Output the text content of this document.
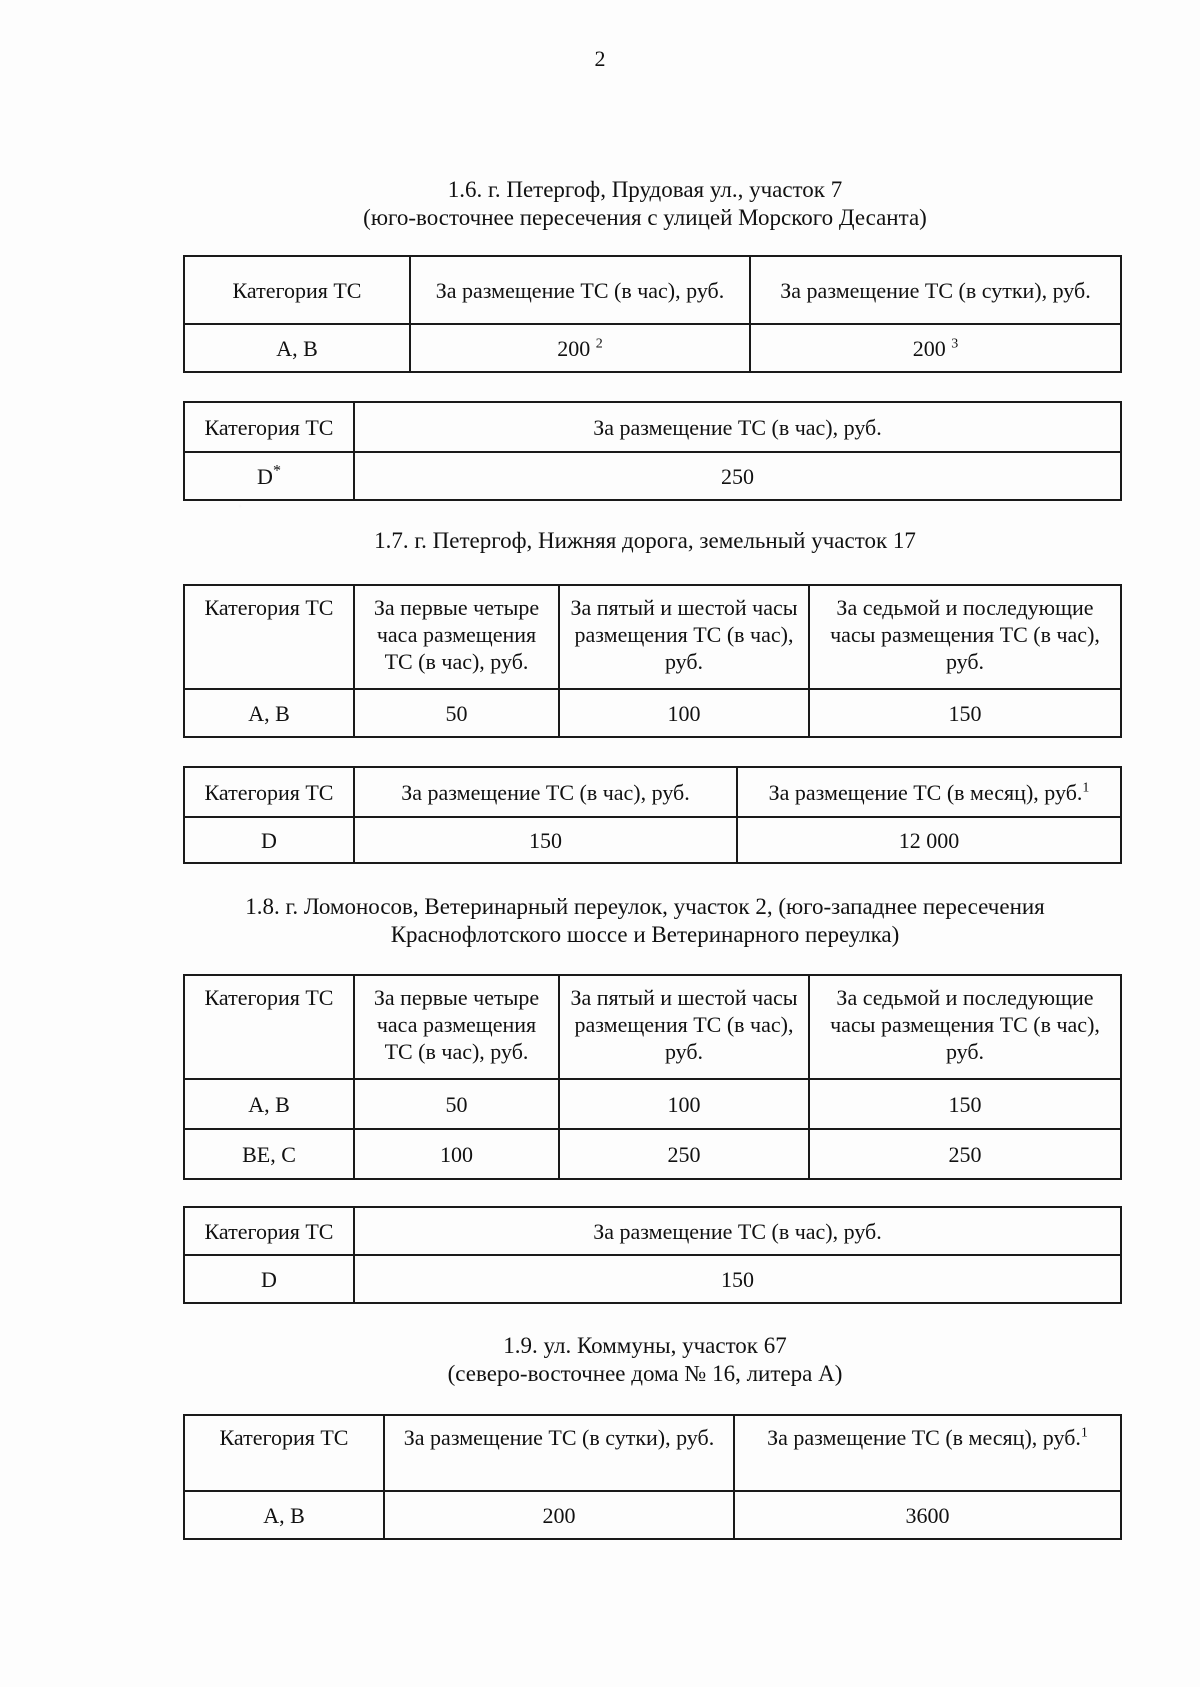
2
1.6. г. Петергоф, Прудовая ул., участок 7
(юго-восточнее пересечения с улицей Морского Десанта)
Категория ТС	За размещение ТС (в час), руб.	За размещение ТС (в сутки), руб.
A, B	200 $^2$	200 $^3$
Категория ТС	За размещение ТС (в час), руб.
D*	250
1.7. г. Петергоф, Нижняя дорога, земельный участок 17
Категория ТС	За первые четыре часа размещения ТС (в час), руб.	За пятый и шестой часы размещения ТС (в час), руб.	За седьмой и последующие часы размещения ТС (в час), руб.
A, B	50	100	150
Категория ТС	За размещение ТС (в час), руб.	За размещение ТС (в месяц), руб.$^1$
D	150	12 000
1.8. г. Ломоносов, Ветеринарный переулок, участок 2, (юго-западнее пересечения
Краснофлотского шоссе и Ветеринарного переулка)
Категория ТС	За первые четыре часа размещения ТС (в час), руб.	За пятый и шестой часы размещения ТС (в час), руб.	За седьмой и последующие часы размещения ТС (в час), руб.
A, B	50	100	150
BE, C	100	250	250
Категория ТС	За размещение ТС (в час), руб.
D	150
1.9. ул. Коммуны, участок 67
(северо-восточнее дома № 16, литера А)
Категория ТС	За размещение ТС (в сутки), руб.	За размещение ТС (в месяц), руб.$^1$
A, B	200	3600
